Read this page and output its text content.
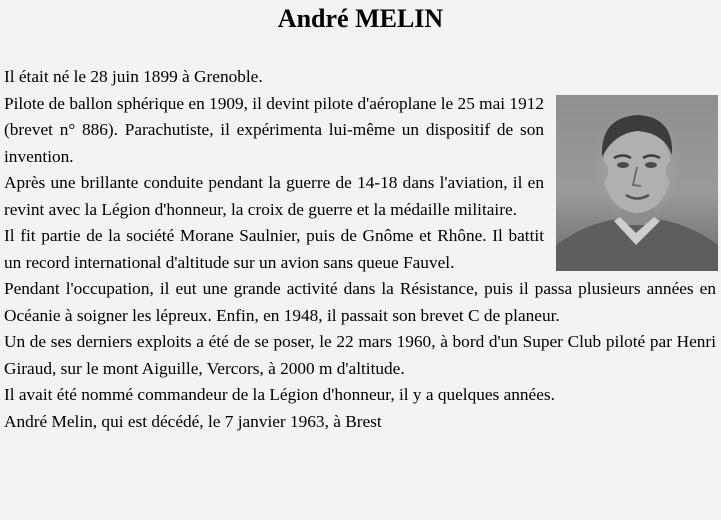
André MELIN

Il était né le 28 juin 1899 à Grenoble.

Pilote de ballon sphérique en 1909, il devint pilote d'aéroplane le 25 mai 1912 (brevet n° 886). Parachutiste, il expérimenta lui-même un dispositif de son invention.

Après une brillante conduite pendant la guerre de 14-18 dans l'aviation, il en revint avec la Légion d'honneur, la croix de guerre et la médaille militaire.

Il fit partie de la société Morane Saulnier, puis de Gnôme et Rhône. Il battit un record international d'altitude sur un avion sans queue Fauvel.

Pendant l'occupation, il eut une grande activité dans la Résistance, puis il passa plusieurs années en Océanie à soigner les lépreux. Enfin, en 1948, il passait son brevet C de planeur.

Un de ses derniers exploits a été de se poser, le 22 mars 1960, à bord d'un Super Club piloté par Henri Giraud, sur le mont Aiguille, Vercors, à 2000 m d'altitude.

Il avait été nommé commandeur de la Légion d'honneur, il y a quelques années.

André Melin, qui est décédé, le 7 janvier 1963, à Brest
